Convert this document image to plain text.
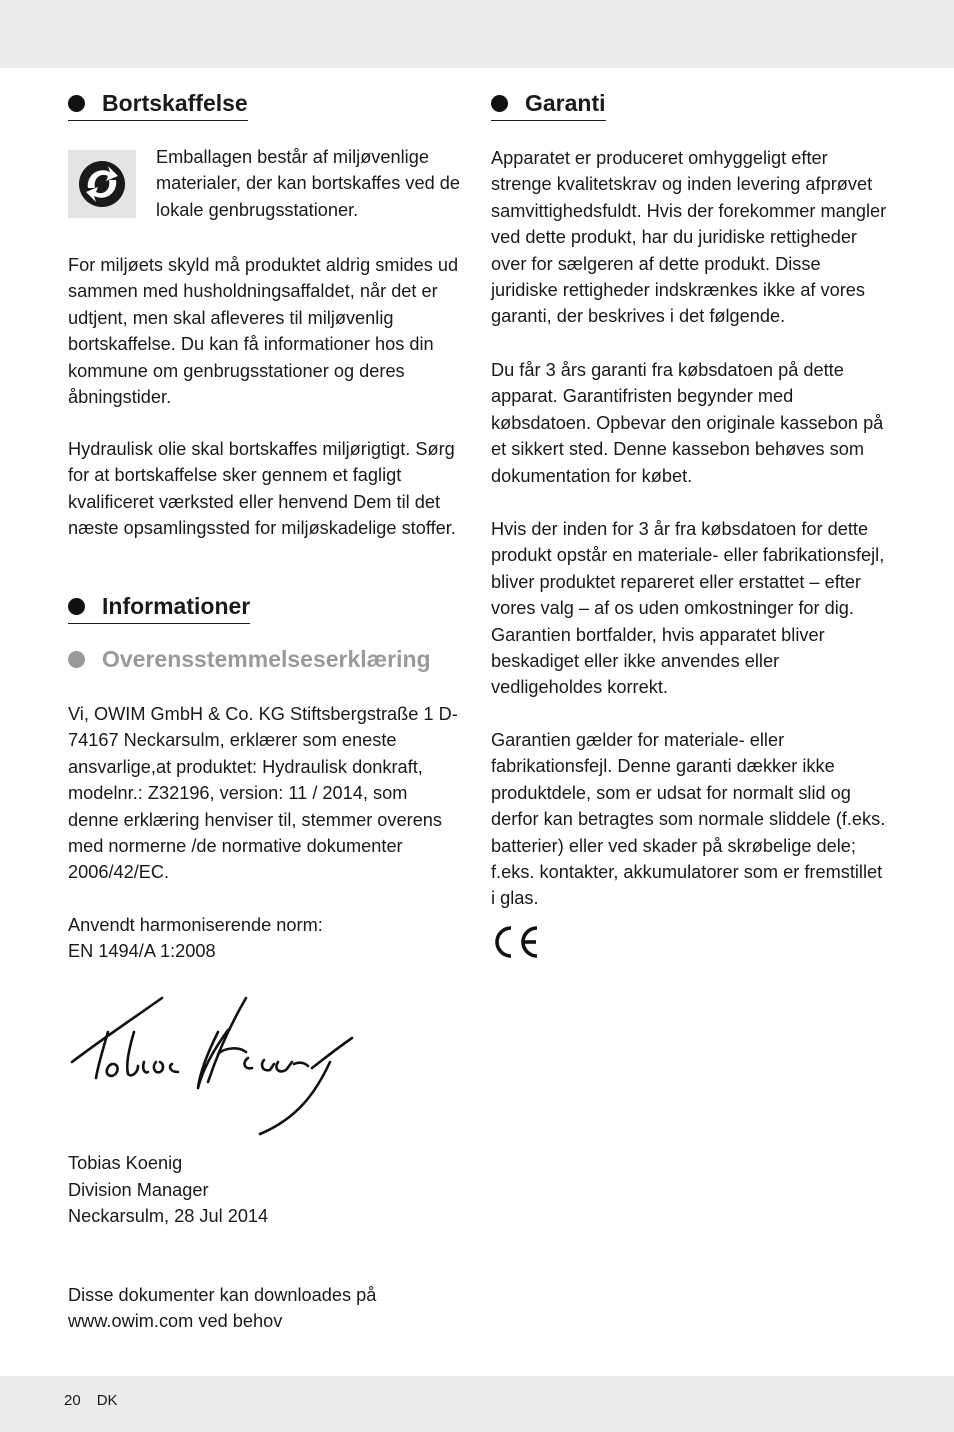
Bortskaffelse

Emballagen består af miljøvenlige materialer, der kan bortskaffes ved de lokale genbrugsstationer.

For miljøets skyld må produktet aldrig smides ud sammen med husholdningsaffaldet, når det er udtjent, men skal afleveres til miljøvenlig bortskaffelse. Du kan få informationer hos din kommune om genbrugsstationer og deres åbningstider.

Hydraulisk olie skal bortskaffes miljørigtigt. Sørg for at bortskaffelse sker gennem et fagligt kvalificeret værksted eller henvend Dem til det næste opsamlingssted for miljøskadelige stoffer.

Informationer
Overensstemmelseserklæring

Vi, OWIM GmbH & Co. KG Stiftsbergstraße 1 D-74167 Neckarsulm, erklærer som eneste ansvarlige,at produktet: Hydraulisk donkraft, modelnr.: Z32196, version: 11 / 2014, som denne erklæring henviser til, stemmer overens med normerne /de normative dokumenter 2006/42/EC.

Anvendt harmoniserende norm:

EN 1494/A 1:2008

Tobias Koenig

Division Manager

Neckarsulm, 28 Jul 2014

Disse dokumenter kan downloades på

www.owim.com ved behov

Garanti

Apparatet er produceret omhyggeligt efter strenge kvalitetskrav og inden levering afprøvet samvittighedsfuldt. Hvis der forekommer mangler ved dette produkt, har du juridiske rettigheder over for sælgeren af dette produkt. Disse juridiske rettigheder indskrænkes ikke af vores garanti, der beskrives i det følgende.

Du får 3 års garanti fra købsdatoen på dette apparat. Garantifristen begynder med købsdatoen. Opbevar den originale kassebon på et sikkert sted. Denne kassebon behøves som dokumentation for købet.

Hvis der inden for 3 år fra købsdatoen for dette produkt opstår en materiale- eller fabrikationsfejl, bliver produktet repareret eller erstattet – efter vores valg – af os uden omkostninger for dig. Garantien bortfalder, hvis apparatet bliver beskadiget eller ikke anvendes eller vedligeholdes korrekt.

Garantien gælder for materiale- eller fabrikationsfejl. Denne garanti dækker ikke produktdele, som er udsat for normalt slid og derfor kan betragtes som normale sliddele (f.eks. batterier) eller ved skader på skrøbelige dele; f.eks. kontakter, akkumulatorer som er fremstillet i glas.

20 DK
